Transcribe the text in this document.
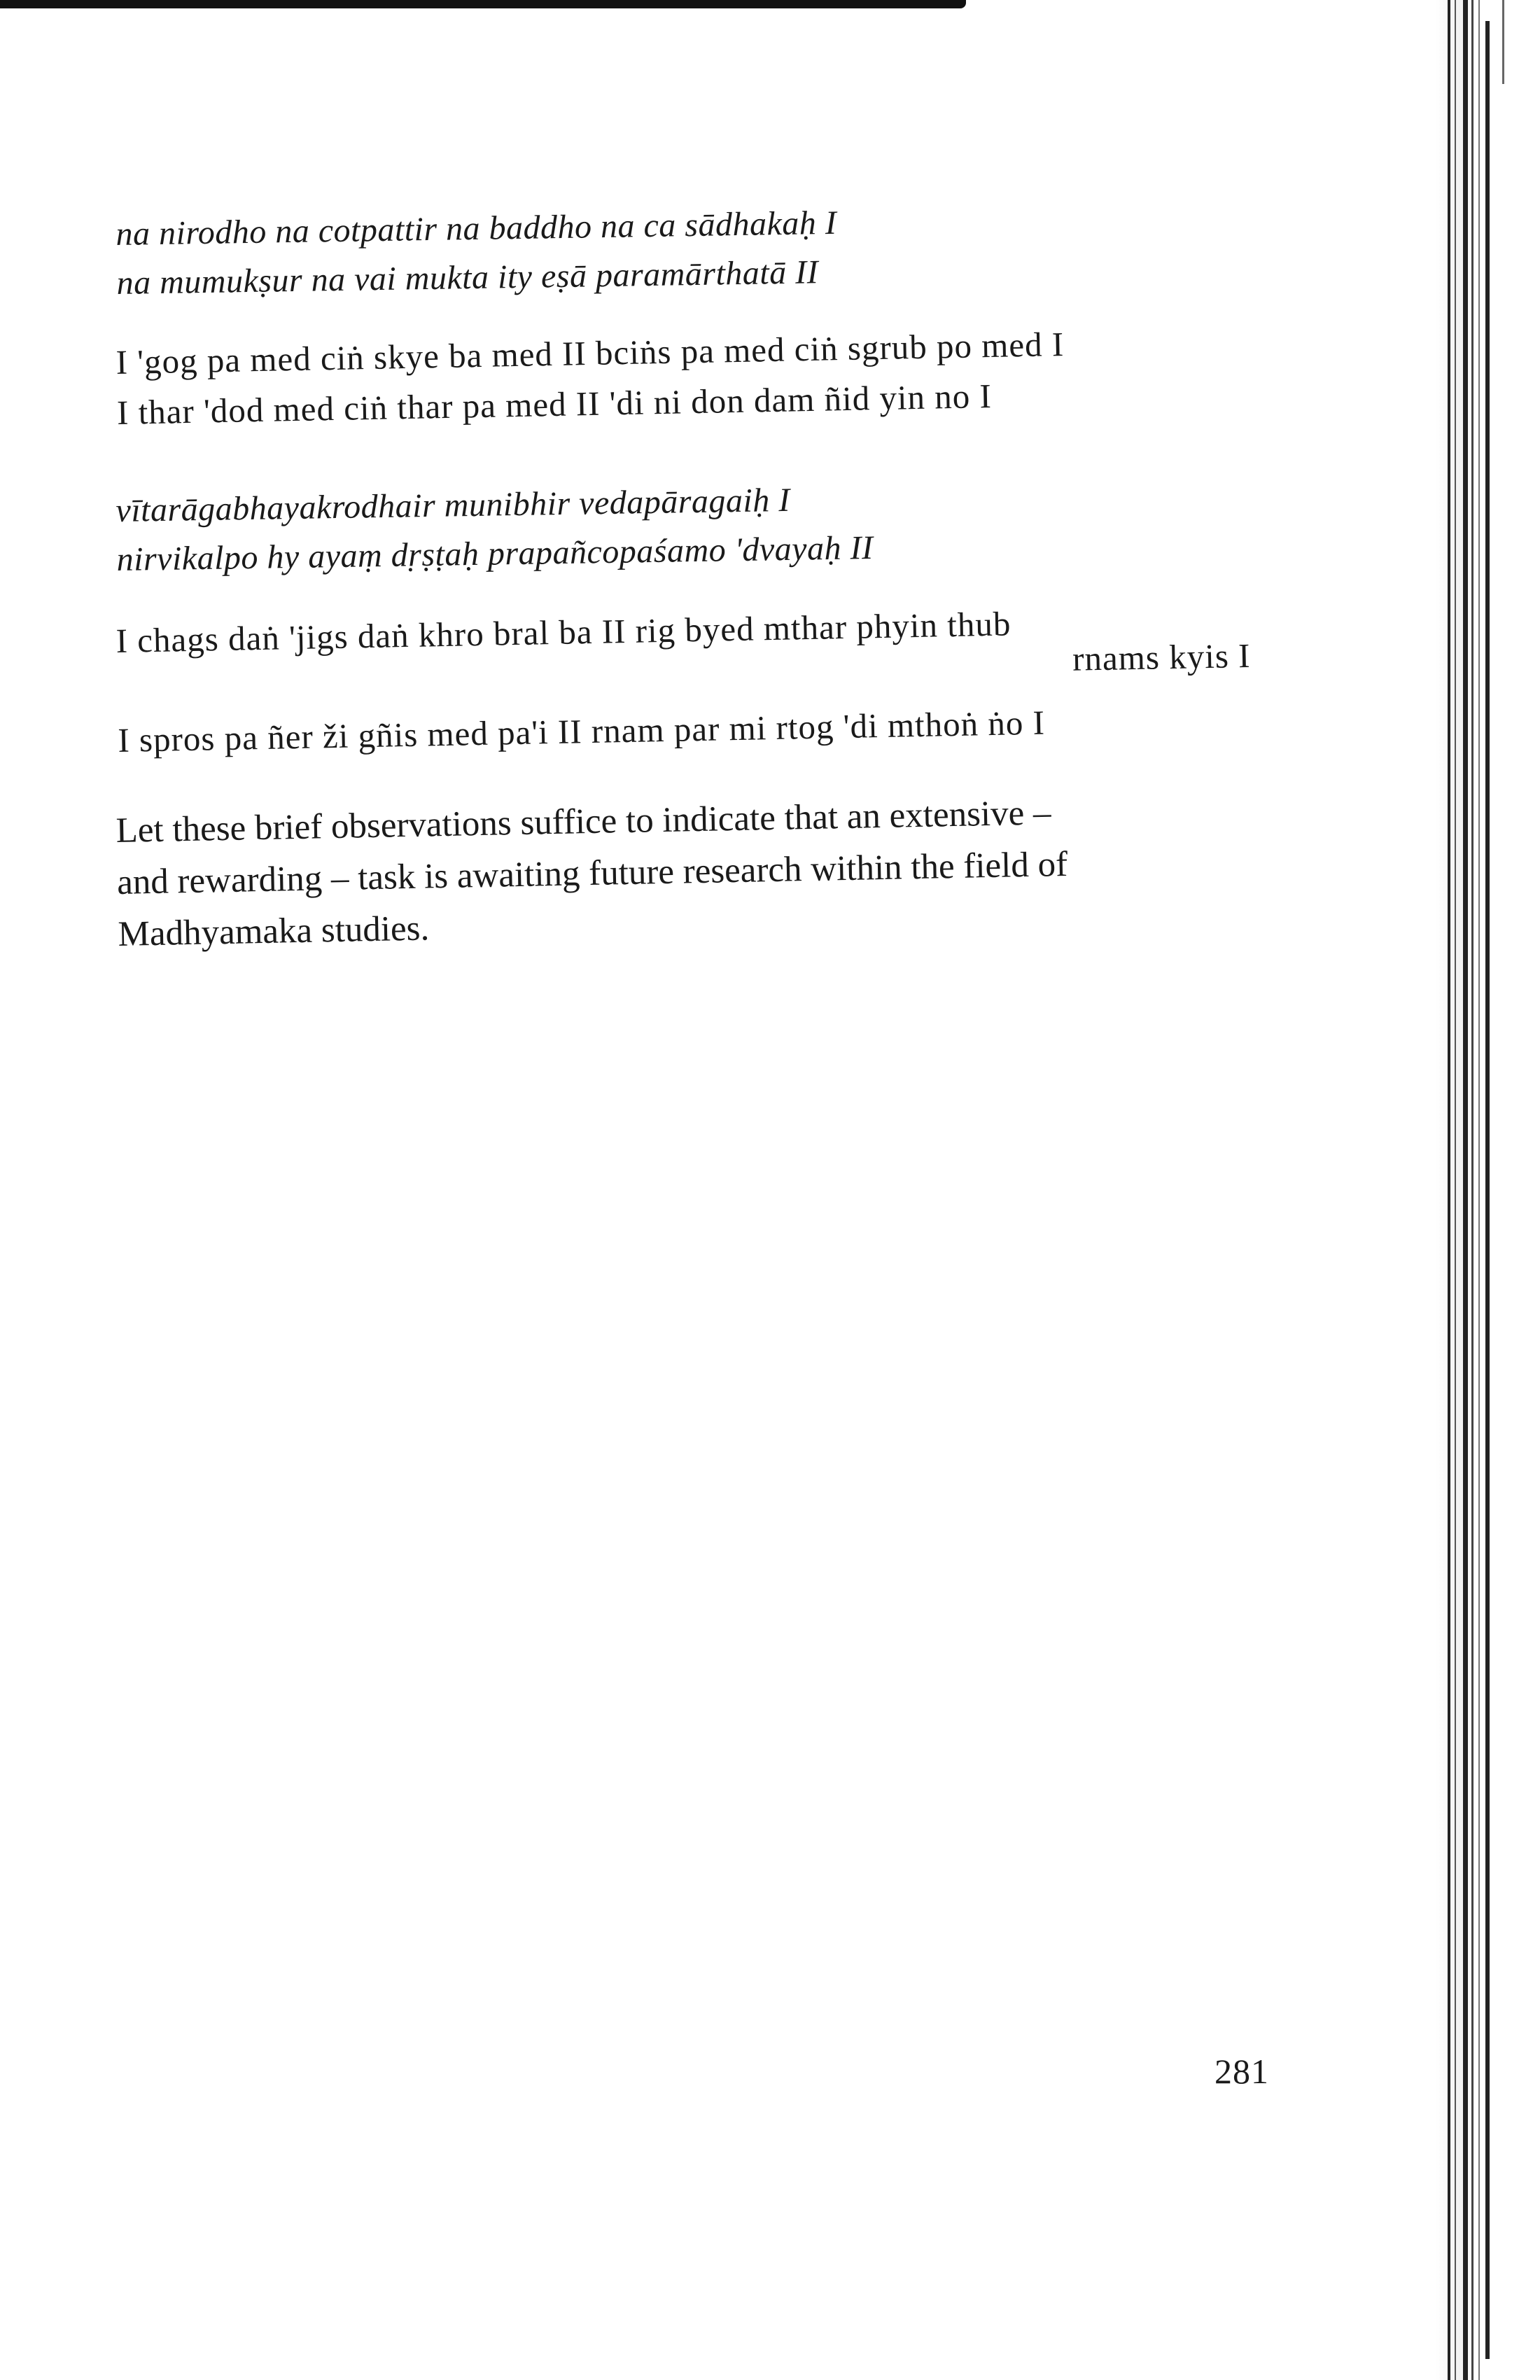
na nirodho na cotpattir na baddho na ca sādhakaḥ I
na mumukṣur na vai mukta ity eṣā paramārthatā II
I 'gog pa med ciṅ skye ba med II bciṅs pa med ciṅ sgrub po med I
I thar 'dod med ciṅ thar pa med II 'di ni don dam ñid yin no I
vītarāgabhayakrodhair munibhir vedapāragaiḥ I
nirvikalpo hy ayaṃ dṛṣṭaḥ prapañcopaśamo 'dvayaḥ II
I chags daṅ 'jigs daṅ khro bral ba II rig byed mthar phyin thub	rnams kyis I
I spros pa ñer ži gñis med pa'i II rnam par mi rtog 'di mthoṅ ṅo I
Let these brief observations suffice to indicate that an extensive –
and rewarding – task is awaiting future research within the field of
Madhyamaka studies.
281
